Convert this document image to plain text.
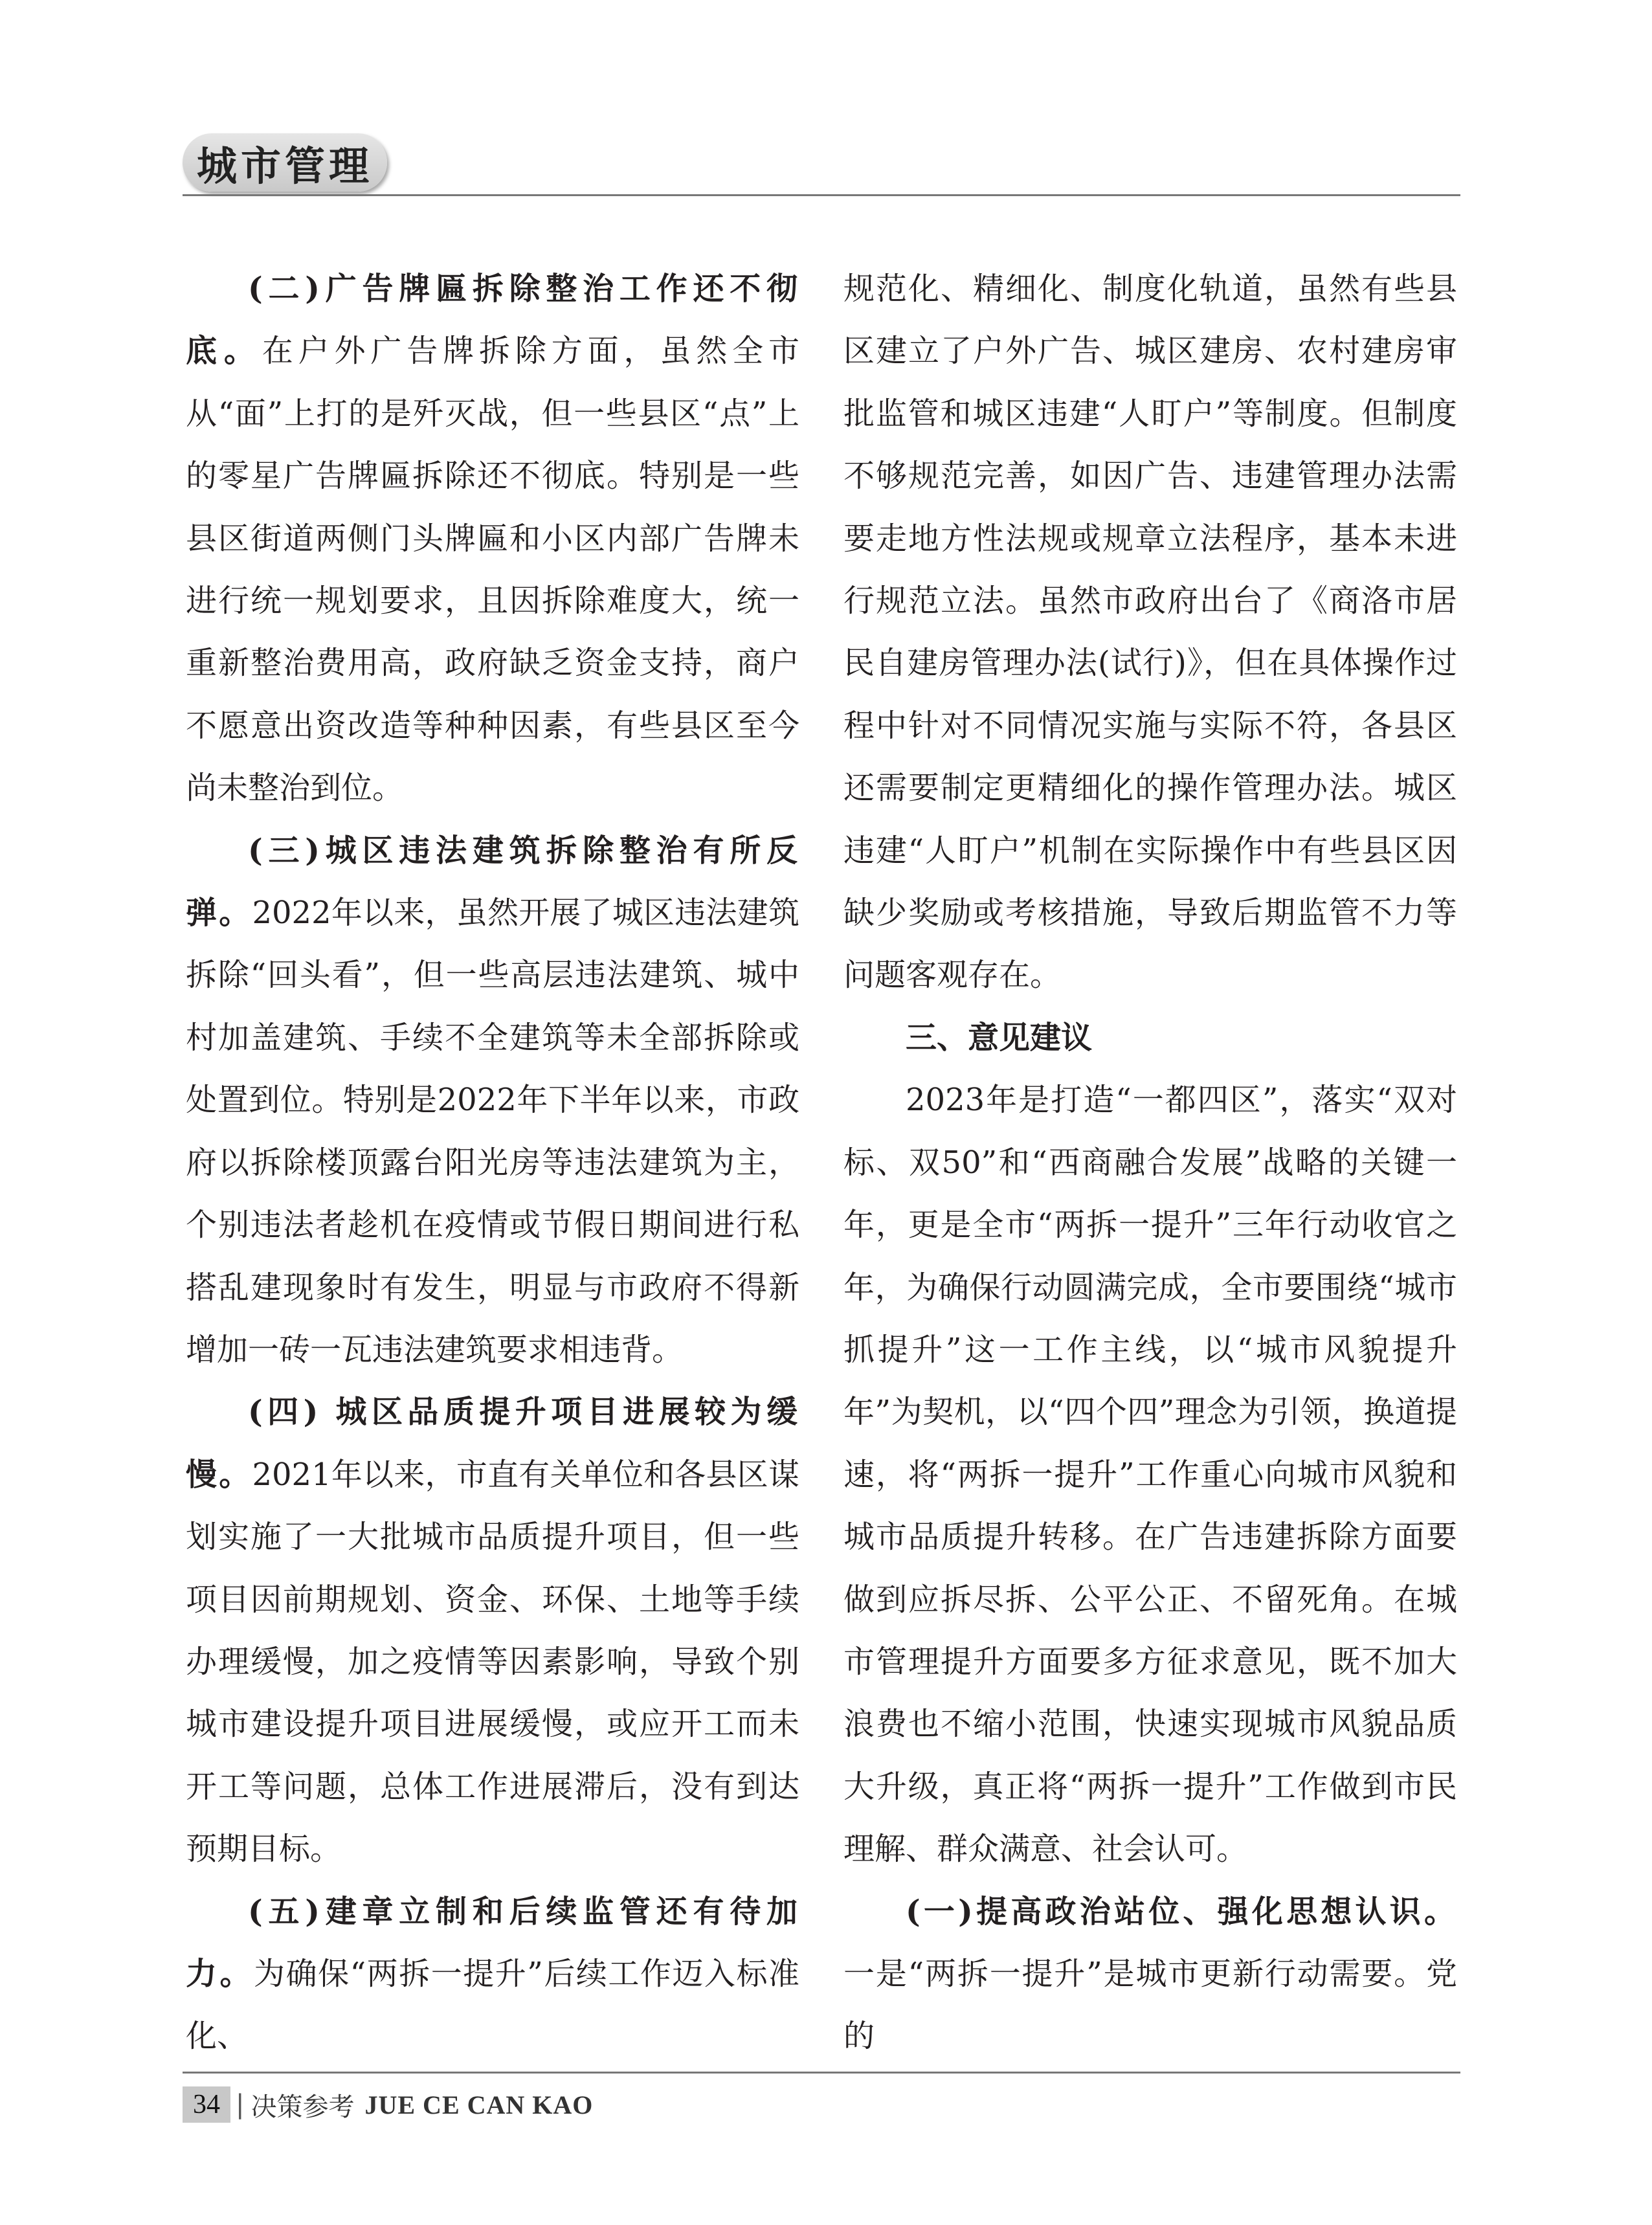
城市管理

(二)广告牌匾拆除整治工作还不彻底。在户外广告牌拆除方面，虽然全市从“面”上打的是歼灭战，但一些县区“点”上的零星广告牌匾拆除还不彻底。特别是一些县区街道两侧门头牌匾和小区内部广告牌未进行统一规划要求，且因拆除难度大，统一重新整治费用高，政府缺乏资金支持，商户不愿意出资改造等种种因素，有些县区至今尚未整治到位。

(三)城区违法建筑拆除整治有所反弹。2022年以来，虽然开展了城区违法建筑拆除“回头看”，但一些高层违法建筑、城中村加盖建筑、手续不全建筑等未全部拆除或处置到位。特别是2022年下半年以来，市政府以拆除楼顶露台阳光房等违法建筑为主，个别违法者趁机在疫情或节假日期间进行私搭乱建现象时有发生，明显与市政府不得新增加一砖一瓦违法建筑要求相违背。

(四) 城区品质提升项目进展较为缓慢。2021年以来，市直有关单位和各县区谋划实施了一大批城市品质提升项目，但一些项目因前期规划、资金、环保、土地等手续办理缓慢，加之疫情等因素影响，导致个别城市建设提升项目进展缓慢，或应开工而未开工等问题，总体工作进展滞后，没有到达预期目标。

(五)建章立制和后续监管还有待加力。为确保“两拆一提升”后续工作迈入标准化、

规范化、精细化、制度化轨道，虽然有些县区建立了户外广告、城区建房、农村建房审批监管和城区违建“人盯户”等制度。但制度不够规范完善，如因广告、违建管理办法需要走地方性法规或规章立法程序，基本未进行规范立法。虽然市政府出台了《商洛市居民自建房管理办法(试行)》，但在具体操作过程中针对不同情况实施与实际不符，各县区还需要制定更精细化的操作管理办法。城区违建“人盯户”机制在实际操作中有些县区因缺少奖励或考核措施，导致后期监管不力等问题客观存在。

三、意见建议

2023年是打造“一都四区”，落实“双对标、双50”和“西商融合发展”战略的关键一年，更是全市“两拆一提升”三年行动收官之年，为确保行动圆满完成，全市要围绕“城市抓提升”这一工作主线，以“城市风貌提升年”为契机，以“四个四”理念为引领，换道提速，将“两拆一提升”工作重心向城市风貌和城市品质提升转移。在广告违建拆除方面要做到应拆尽拆、公平公正、不留死角。在城市管理提升方面要多方征求意见，既不加大浪费也不缩小范围，快速实现城市风貌品质大升级，真正将“两拆一提升”工作做到市民理解、群众满意、社会认可。

(一)提高政治站位、强化思想认识。一是“两拆一提升”是城市更新行动需要。党的

34 | 决策参考 JUE CE CAN KAO
